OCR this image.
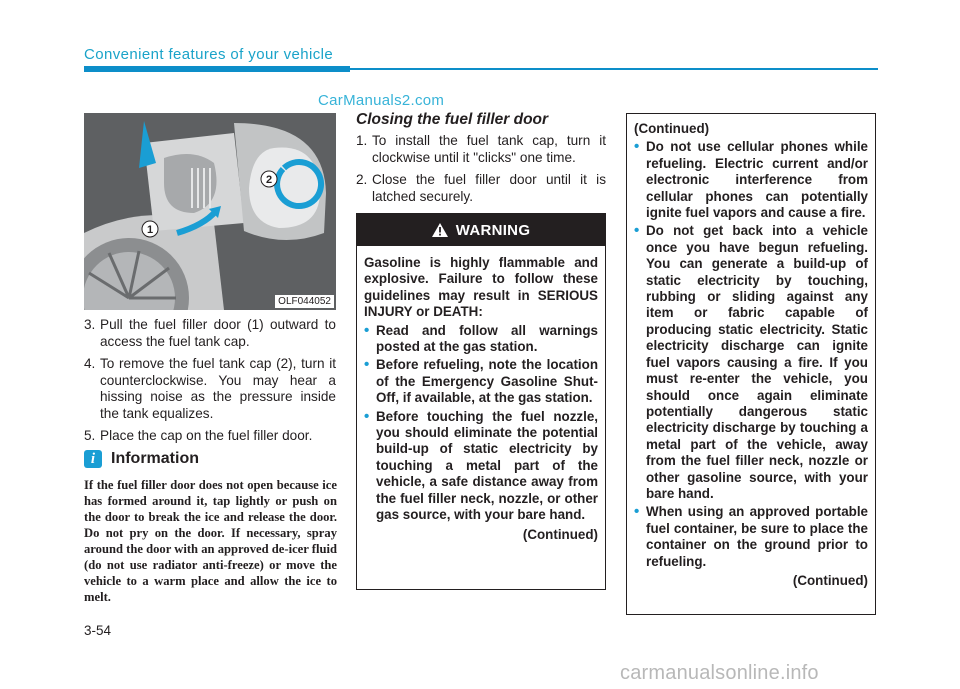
Convenient features of your vehicle
CarManuals2.com
2
1
OLF044052
3. Pull the fuel filler door (1) outward to access the fuel tank cap.
4. To remove the fuel tank cap (2), turn it counterclockwise. You may hear a hissing noise as the pressure inside the tank equalizes.
5. Place the cap on the fuel filler door.
i Information
If the fuel filler door does not open because ice has formed around it, tap lightly or push on the door to break the ice and release the door. Do not pry on the door. If necessary, spray around the door with an approved de-icer fluid (do not use radiator anti-freeze) or move the vehicle to a warm place and allow the ice to melt.
Closing the fuel filler door
1. To install the fuel tank cap, turn it clockwise until it "clicks" one time.
2. Close the fuel filler door until it is latched securely.
WARNING
Gasoline is highly flammable and explosive. Failure to follow these guidelines may result in SERIOUS INJURY or DEATH:
• Read and follow all warnings posted at the gas station.
• Before refueling, note the location of the Emergency Gasoline Shut-Off, if available, at the gas station.
• Before touching the fuel nozzle, you should eliminate the potential build-up of static electricity by touching a metal part of the vehicle, a safe distance away from the fuel filler neck, nozzle, or other gas source, with your bare hand.
(Continued)
(Continued)
• Do not use cellular phones while refueling. Electric current and/or electronic interference from cellular phones can potentially ignite fuel vapors and cause a fire.
• Do not get back into a vehicle once you have begun refueling. You can generate a build-up of static electricity by touching, rubbing or sliding against any item or fabric capable of producing static electricity. Static electricity discharge can ignite fuel vapors causing a fire. If you must re-enter the vehicle, you should once again eliminate potentially dangerous static electricity discharge by touching a metal part of the vehicle, away from the fuel filler neck, nozzle or other gasoline source, with your bare hand.
• When using an approved portable fuel container, be sure to place the container on the ground prior to refueling.
(Continued)
3-54
carmanualsonline.info
